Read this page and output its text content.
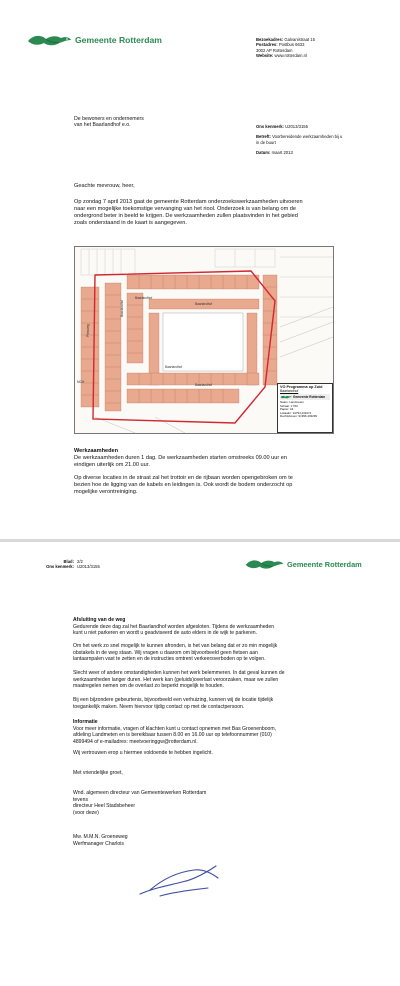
Gemeente Rotterdam	Bezoekadres: Galvanistraat 15
Postadres: Postbus 6633
3002 AP Rotterdam
Website: www.rotterdam.nl
De bewoners en ondernemers
van het Baarlandhof e.o.	Ons kenmerk: U2013/3155
Betreft: Voorbereidende werkzaamheden bij u
in de buurt
Datum: maart 2013
Geachte mevrouw, heer,
Op zondag 7 april 2013 gaat de gemeente Rotterdam onderzoekswerkzaamheden uitvoeren
naar een mogelijke toekomstige vervanging van het riool. Onderzoek is van belang om de
ondergrond beter in beeld te krijgen. De werkzaamheden zullen plaatsvinden in het gebied
zoals onderstaand in de kaart is aangegeven.
Baarlandhof
Pleinweg
Baarlandhof	Baarlandhof
Baarlandhof
Baarlandhof
MCH
VO Programma op Zuid
Baarlandhof
Gemeente Rotterdam
Naam: Landmeten
Schaal: 1:760
Papier: A4
Lokaalnr: 91794,433274
Rechtsboven: 91996,433299
Werkzaamheden
De werkzaamheden duren 1 dag. De werkzaamheden starten omstreeks 09.00 uur en
eindigen uiterlijk om 21.00 uur.
Op diverse locaties in de straat zal het trottoir en de rijbaan worden opengebroken om te
bezien hoe de ligging van de kabels en leidingen is. Ook wordt de bodem onderzocht op
mogelijke verontreiniging.
Blad:
Ons kenmerk:
2/2
U2013/3155	Gemeente Rotterdam
Afsluiting van de weg
Gedurende deze dag zal het Baarlandhof worden afgesloten. Tijdens de werkzaamheden
kunt u niet parkeren en wordt u geadviseerd de auto elders in de wijk te parkeren.
Om het werk zo snel mogelijk te kunnen afronden, is het van belang dat er zo min mogelijk
obstakels in de weg staan. Wij vragen u daarom om bijvoorbeeld geen fietsen aan
lantaarnpalen vast te zetten en de instructies omtrent verkeersverboden op te volgen.
Slecht weer of andere omstandigheden kunnen het werk belemmeren. In dat geval kunnen de
werkzaamheden langer duren. Het werk kan (geluids)overlast veroorzaken, maar we zullen
maatregelen nemen om de overlast zo beperkt mogelijk te houden.
Bij een bijzondere gebeurtenis, bijvoorbeeld een verhuizing, kunnen wij de locatie tijdelijk
toegankelijk maken. Neem hiervoor tijdig contact op met de contactpersoon.
Informatie
Voor meer informatie, vragen of klachten kunt u contact opnemen met Bas Groenenboom,
afdeling Landmeten en is bereikbaar tussen 8.00 en 16.00 uur op telefoonnummer (010)
4899494 of e-mailadres: meetvoeringgw@rotterdam.nl.
Wij vertrouwen erop u hiermee voldoende te hebben ingelicht.
Met vriendelijke groet,
Wnd. algemeen directeur van Gemeentewerken Rotterdam
tevens
directeur Heel Stadsbeheer
(voor deze)
Mw. M.M.N. Groeneweg
Werfmanager Charlois
